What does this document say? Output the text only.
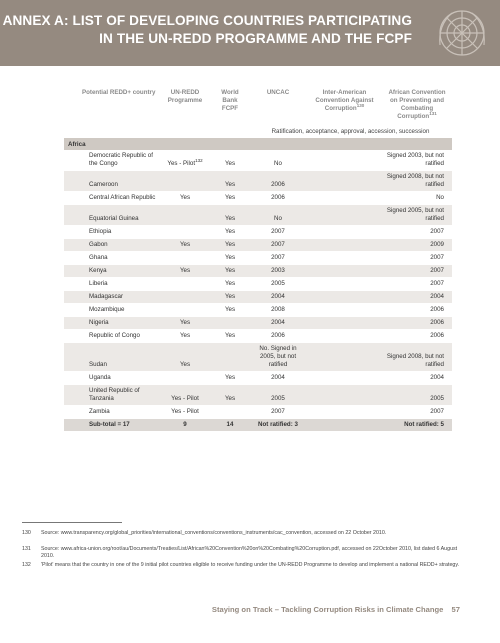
ANNEX A: LIST OF DEVELOPING COUNTRIES PARTICIPATING
IN THE UN-REDD PROGRAMME AND THE FCPF
Potential REDD+ country	UN-REDD Programme	World Bank FCPF	UNCAC	Inter-American Convention Against Corruption$^{130}$	African Convention on Preventing and Combating Corruption$^{131}$
			Ratification, acceptance, approval, accession, succession		
Africa					
Democratic Republic of the Congo	Yes - Pilot$^{132}$	Yes	No		Signed 2003, but not ratified
Cameroon		Yes	2006		Signed 2008, but not ratified
Central African Republic	Yes	Yes	2006		No
Equatorial Guinea		Yes	No		Signed 2005, but not ratified
Ethiopia		Yes	2007		2007
Gabon	Yes	Yes	2007		2009
Ghana		Yes	2007		2007
Kenya	Yes	Yes	2003		2007
Liberia		Yes	2005		2007
Madagascar		Yes	2004		2004
Mozambique		Yes	2008		2006
Nigeria	Yes		2004		2006
Republic of Congo	Yes	Yes	2006		2006
Sudan	Yes		No. Signed in 2005, but not ratified		Signed 2008, but not ratified
Uganda		Yes	2004		2004
United Republic of Tanzania	Yes - Pilot	Yes	2005		2005
Zambia	Yes - Pilot		2007		2007
Sub-total = 17	9	14	Not ratified: 3		Not ratified: 5
130 Source: www.transparency.org/global_priorities/international_conventions/conventions_instruments/cac_convention, accessed on 22 October 2010.
131 Source: www.africa-union.org/root/au/Documents/Treaties/List/African%20Convention%20on%20Combating%20Corruption.pdf, accessed on 22October 2010, list dated 6 August 2010.
132 'Pilot' means that the country in one of the 9 initial pilot countries eligible to receive funding under the UN-REDD Programme to develop and implement a national REDD+ strategy.
Staying on Track – Tackling Corruption Risks in Climate Change 57
